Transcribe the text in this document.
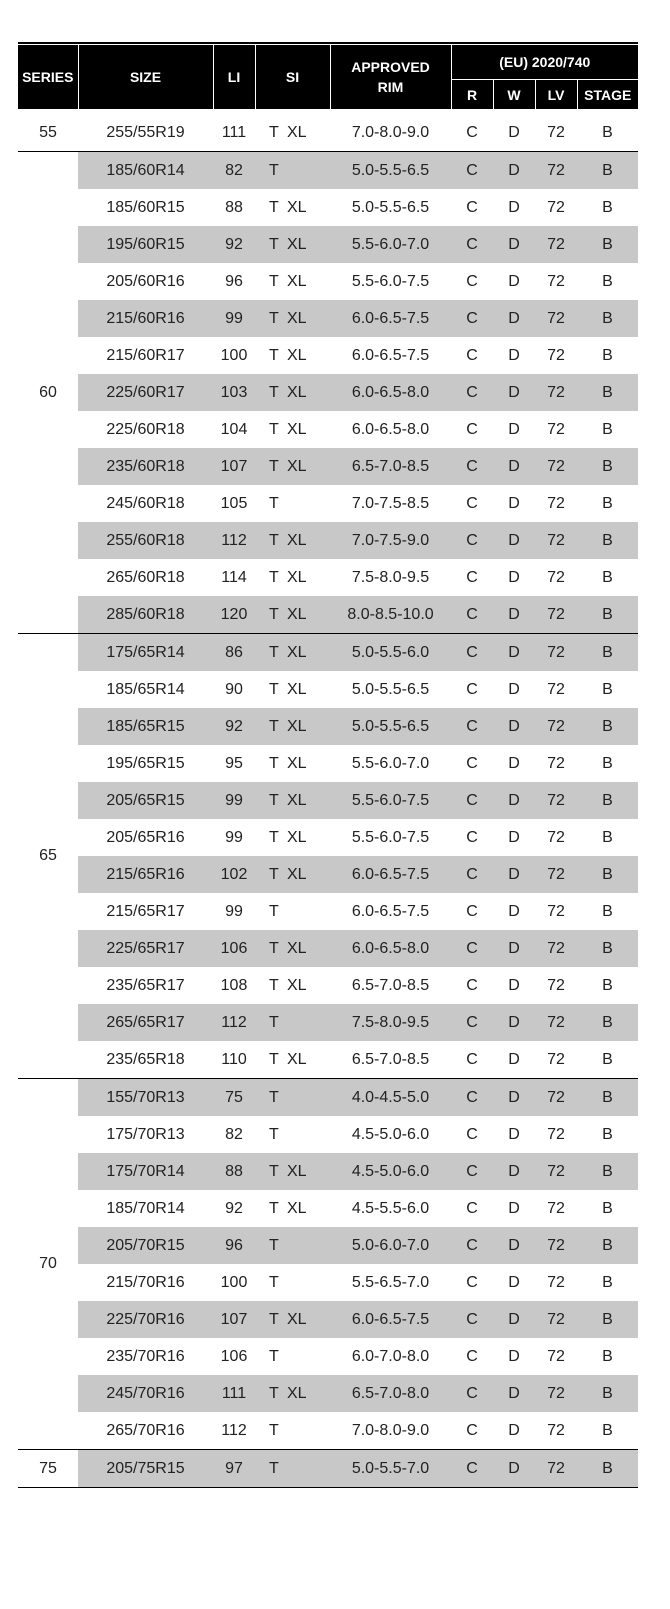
SERIES	SIZE	LI	SI		APPROVED
RIM	(EU) 2020/740			
						R	W	LV	STAGE

55	255/55R19	111	T	XL	7.0-8.0-9.0	C	D	72	B
60	185/60R14	82	T		5.0-5.5-6.5	C	D	72	B
	185/60R15	88	T	XL	5.0-5.5-6.5	C	D	72	B
	195/60R15	92	T	XL	5.5-6.0-7.0	C	D	72	B
	205/60R16	96	T	XL	5.5-6.0-7.5	C	D	72	B
	215/60R16	99	T	XL	6.0-6.5-7.5	C	D	72	B
	215/60R17	100	T	XL	6.0-6.5-7.5	C	D	72	B
	225/60R17	103	T	XL	6.0-6.5-8.0	C	D	72	B
	225/60R18	104	T	XL	6.0-6.5-8.0	C	D	72	B
	235/60R18	107	T	XL	6.5-7.0-8.5	C	D	72	B
	245/60R18	105	T		7.0-7.5-8.5	C	D	72	B
	255/60R18	112	T	XL	7.0-7.5-9.0	C	D	72	B
	265/60R18	114	T	XL	7.5-8.0-9.5	C	D	72	B
	285/60R18	120	T	XL	8.0-8.5-10.0	C	D	72	B
65	175/65R14	86	T	XL	5.0-5.5-6.0	C	D	72	B
	185/65R14	90	T	XL	5.0-5.5-6.5	C	D	72	B
	185/65R15	92	T	XL	5.0-5.5-6.5	C	D	72	B
	195/65R15	95	T	XL	5.5-6.0-7.0	C	D	72	B
	205/65R15	99	T	XL	5.5-6.0-7.5	C	D	72	B
	205/65R16	99	T	XL	5.5-6.0-7.5	C	D	72	B
	215/65R16	102	T	XL	6.0-6.5-7.5	C	D	72	B
	215/65R17	99	T		6.0-6.5-7.5	C	D	72	B
	225/65R17	106	T	XL	6.0-6.5-8.0	C	D	72	B
	235/65R17	108	T	XL	6.5-7.0-8.5	C	D	72	B
	265/65R17	112	T		7.5-8.0-9.5	C	D	72	B
	235/65R18	110	T	XL	6.5-7.0-8.5	C	D	72	B
70	155/70R13	75	T		4.0-4.5-5.0	C	D	72	B
	175/70R13	82	T		4.5-5.0-6.0	C	D	72	B
	175/70R14	88	T	XL	4.5-5.0-6.0	C	D	72	B
	185/70R14	92	T	XL	4.5-5.5-6.0	C	D	72	B
	205/70R15	96	T		5.0-6.0-7.0	C	D	72	B
	215/70R16	100	T		5.5-6.5-7.0	C	D	72	B
	225/70R16	107	T	XL	6.0-6.5-7.5	C	D	72	B
	235/70R16	106	T		6.0-7.0-8.0	C	D	72	B
	245/70R16	111	T	XL	6.5-7.0-8.0	C	D	72	B
	265/70R16	112	T		7.0-8.0-9.0	C	D	72	B
75	205/75R15	97	T		5.0-5.5-7.0	C	D	72	B
